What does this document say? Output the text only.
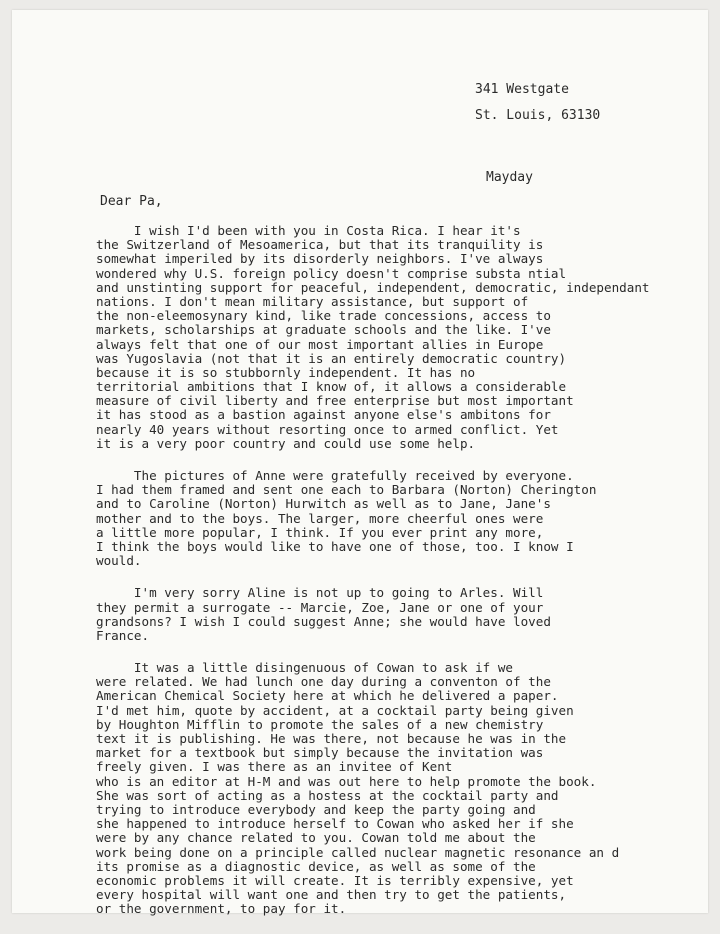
341 Westgate
St. Louis, 63130
Mayday
Dear Pa,
I wish I'd been with you in Costa Rica. I hear it's
the Switzerland of Mesoamerica, but that its tranquility is
somewhat imperiled by its disorderly neighbors. I've always
wondered why U.S. foreign policy doesn't comprise substa ntial
and unstinting support for peaceful, independent, democratic, independant
nations. I don't mean military assistance, but support of
the non-eleemosynary kind, like trade concessions, access to
markets, scholarships at graduate schools and the like. I've
always felt that one of our most important allies in Europe
was Yugoslavia (not that it is an entirely democratic country)
because it is so stubbornly independent. It has no
territorial ambitions that I know of, it allows a considerable
measure of civil liberty and free enterprise but most important
it has stood as a bastion against anyone else's ambitons for
nearly 40 years without resorting once to armed conflict. Yet
it is a very poor country and could use some help.
The pictures of Anne were gratefully received by everyone.
I had them framed and sent one each to Barbara (Norton) Cherington
and to Caroline (Norton) Hurwitch as well as to Jane, Jane's
mother and to the boys. The larger, more cheerful ones were
a little more popular, I think. If you ever print any more,
I think the boys would like to have one of those, too. I know I
would.
I'm very sorry Aline is not up to going to Arles. Will
they permit a surrogate -- Marcie, Zoe, Jane or one of your
grandsons? I wish I could suggest Anne; she would have loved
France.
It was a little disingenuous of Cowan to ask if we
were related. We had lunch one day during a conventon of the
American Chemical Society here at which he delivered a paper.
I'd met him, quote by accident, at a cocktail party being given
by Houghton Mifflin to promote the sales of a new chemistry
text it is publishing. He was there, not because he was in the
market for a textbook but simply because the invitation was
freely given. I was there as an invitee of Kent
who is an editor at H-M and was out here to help promote the book.
She was sort of acting as a hostess at the cocktail party and
trying to introduce everybody and keep the party going and
she happened to introduce herself to Cowan who asked her if she
were by any chance related to you. Cowan told me about the
work being done on a principle called nuclear magnetic resonance an d
its promise as a diagnostic device, as well as some of the
economic problems it will create. It is terribly expensive, yet
every hospital will want one and then try to get the patients,
or the government, to pay for it.
